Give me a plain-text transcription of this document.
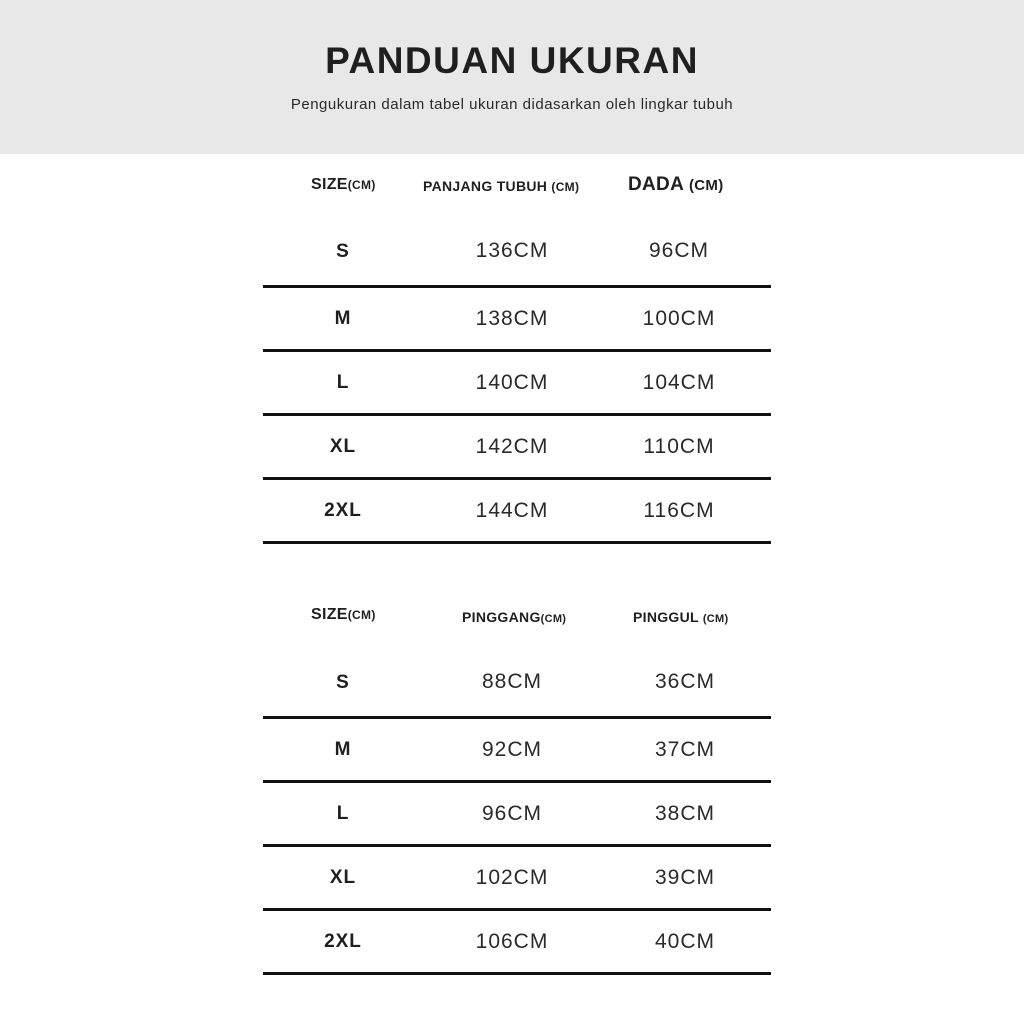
PANDUAN UKURAN
Pengukuran dalam tabel ukuran didasarkan oleh lingkar tubuh
SIZE(CM)	PANJANG TUBUH (CM)	DADA (CM)
S	136CM	96CM
M	138CM	100CM
L	140CM	104CM
XL	142CM	110CM
2XL	144CM	116CM
SIZE(CM)	PINGGANG(CM)	PINGGUL (CM)
S	88CM	36CM
M	92CM	37CM
L	96CM	38CM
XL	102CM	39CM
2XL	106CM	40CM
